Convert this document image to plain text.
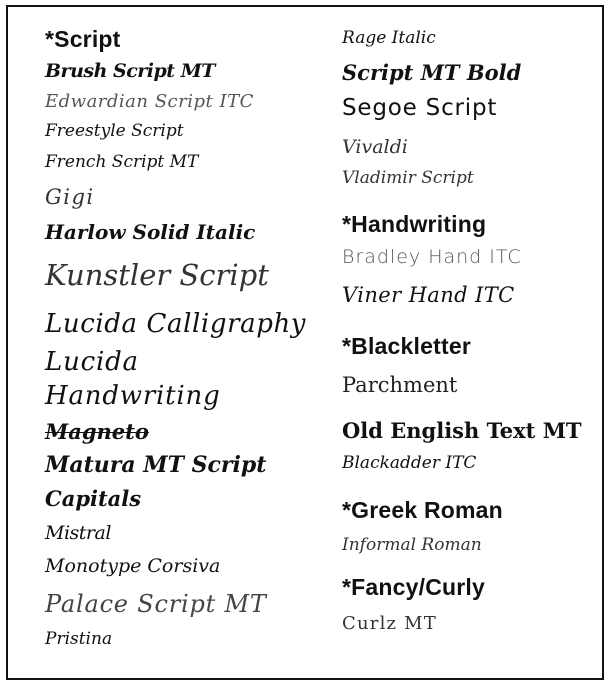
*Script
Brush Script MT
Edwardian Script ITC
Freestyle Script
French Script MT
Gigi
Harlow Solid Italic
Kunstler Script
Lucida Calligraphy
Lucida
Handwriting
Magneto
Matura MT Script
Capitals
Mistral
Monotype Corsiva
Palace Script MT
Pristina
Rage Italic
Script MT Bold
Segoe Script
Vivaldi
Vladimir Script
*Handwriting
Bradley Hand ITC
Viner Hand ITC
*Blackletter
Parchment
Old English Text MT
Blackadder ITC
*Greek Roman
Informal Roman
*Fancy/Curly
Curlz MT
